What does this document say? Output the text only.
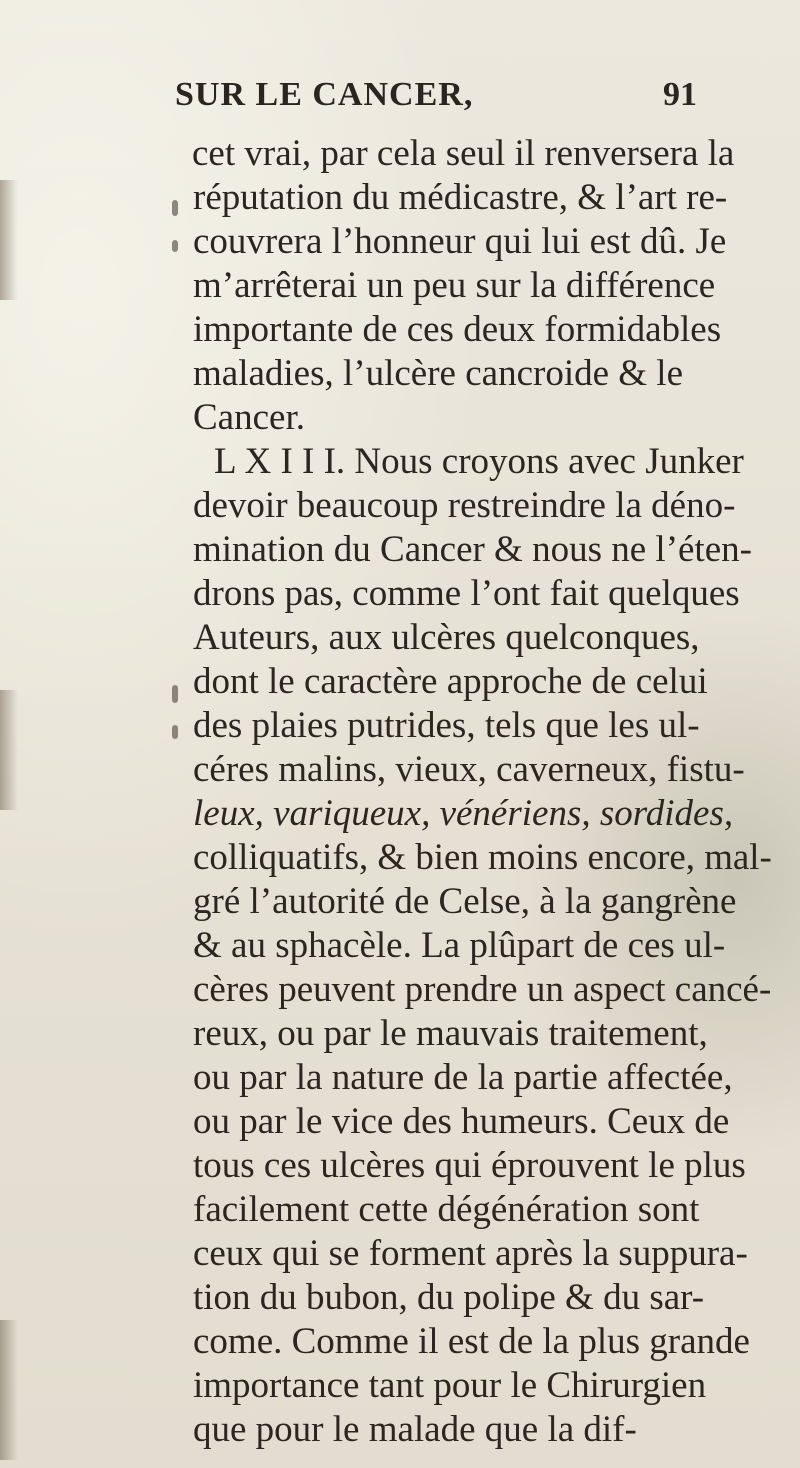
SUR LE CANCER,	91
cet vrai, par cela seul il renversera la
réputation du médicastre, & l’art re-
couvrera l’honneur qui lui est dû. Je
m’arrêterai un peu sur la différence
importante de ces deux formidables
maladies, l’ulcère cancroide & le
Cancer.
L X I I I. Nous croyons avec Junker
devoir beaucoup restreindre la déno-
mination du Cancer & nous ne l’éten-
drons pas, comme l’ont fait quelques
Auteurs, aux ulcères quelconques,
dont le caractère approche de celui
des plaies putrides, tels que les ul-
céres malins, vieux, caverneux, fistu-
leux, variqueux, vénériens, sordides,
colliquatifs, & bien moins encore, mal-
gré l’autorité de Celse, à la gangrène
& au sphacèle. La plûpart de ces ul-
cères peuvent prendre un aspect cancé-
reux, ou par le mauvais traitement,
ou par la nature de la partie affectée,
ou par le vice des humeurs. Ceux de
tous ces ulcères qui éprouvent le plus
facilement cette dégénération sont
ceux qui se forment après la suppura-
tion du bubon, du polipe & du sar-
come. Comme il est de la plus grande
importance tant pour le Chirurgien
que pour le malade que la dif-
